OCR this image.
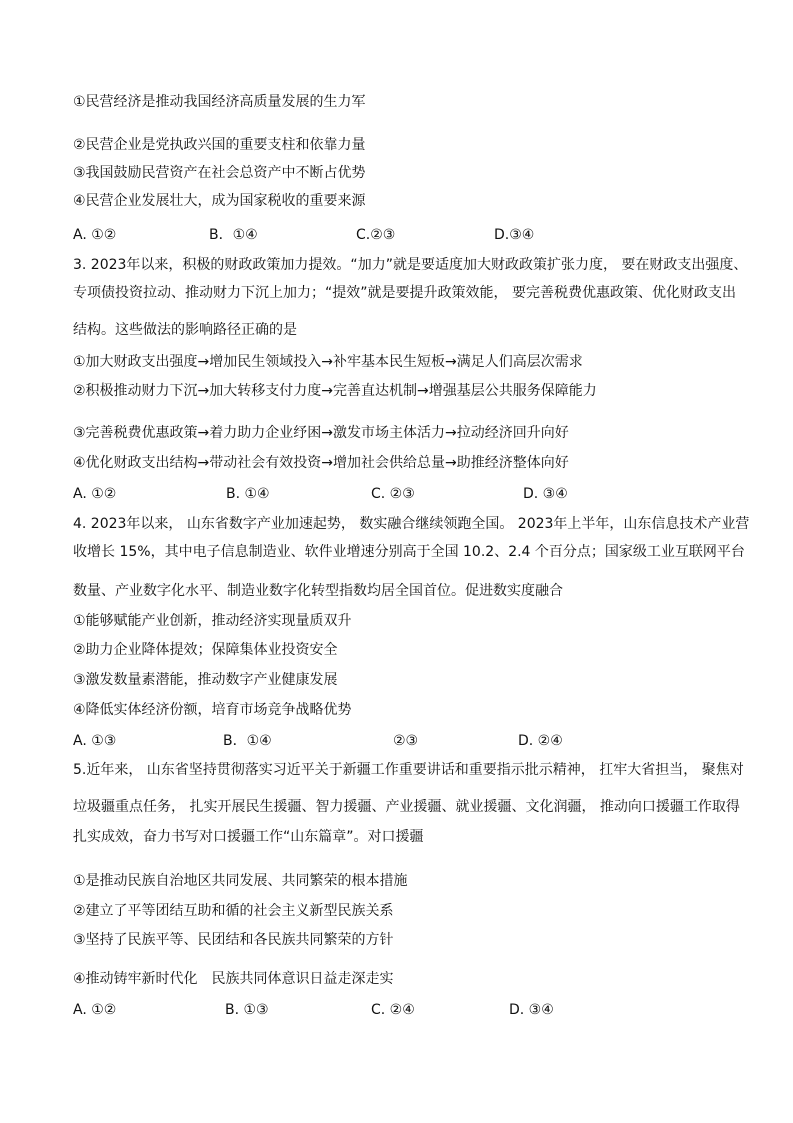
①民营经济是推动我国经济高质量发展的生力军
②民营企业是党执政兴国的重要支柱和依靠力量
③我国鼓励民营资产在社会总资产中不断占优势
④民营企业发展壮大，成为国家税收的重要来源
A. ①②	B．①④	C.②③	D.③④
3. 2023年以来，积极的财政政策加力提效。“加力”就是要适度加大财政政策扩张力度， 要在财政支出强度、
专项债投资拉动、推动财力下沉上加力；“提效”就是要提升政策效能， 要完善税费优惠政策、优化财政支出
结构。这些做法的影响路径正确的是
①加大财政支出强度→增加民生领域投入→补牢基本民生短板→满足人们高层次需求
②积极推动财力下沉→加大转移支付力度→完善直达机制→增强基层公共服务保障能力
③完善税费优惠政策→着力助力企业纾困→激发市场主体活力→拉动经济回升向好
④优化财政支出结构→带动社会有效投资→增加社会供给总量→助推经济整体向好
A. ①②	B. ①④	C. ②③	D. ③④
4. 2023年以来， 山东省数字产业加速起势， 数实融合继续领跑全国。 2023年上半年，山东信息技术产业营
收增长 15%，其中电子信息制造业、软件业增速分别高于全国 10.2、2.4 个百分点；国家级工业互联网平台
数量、产业数字化水平、制造业数字化转型指数均居全国首位。促进数实度融合
①能够赋能产业创新，推动经济实现量质双升
②助力企业降体提效；保障集体业投资安全
③激发数量素潜能，推动数字产业健康发展
④降低实体经济份额，培育市场竞争战略优势
A. ①③	B．①④	②③	D. ②④
5.近年来， 山东省坚持贯彻落实习近平关于新疆工作重要讲话和重要指示批示精神， 扛牢大省担当， 聚焦对
垃圾疆重点任务， 扎实开展民生援疆、智力援疆、产业援疆、就业援疆、文化润疆， 推动向口援疆工作取得
扎实成效，奋力书写对口援疆工作“山东篇章”。对口援疆
①是推动民族自治地区共同发展、共同繁荣的根本措施
②建立了平等团结互助和循的社会主义新型民族关系
③坚持了民族平等、民团结和各民族共同繁荣的方针
④推动铸牢新时代化　民族共同体意识日益走深走实
A. ①②	B. ①③	C. ②④	D. ③④
